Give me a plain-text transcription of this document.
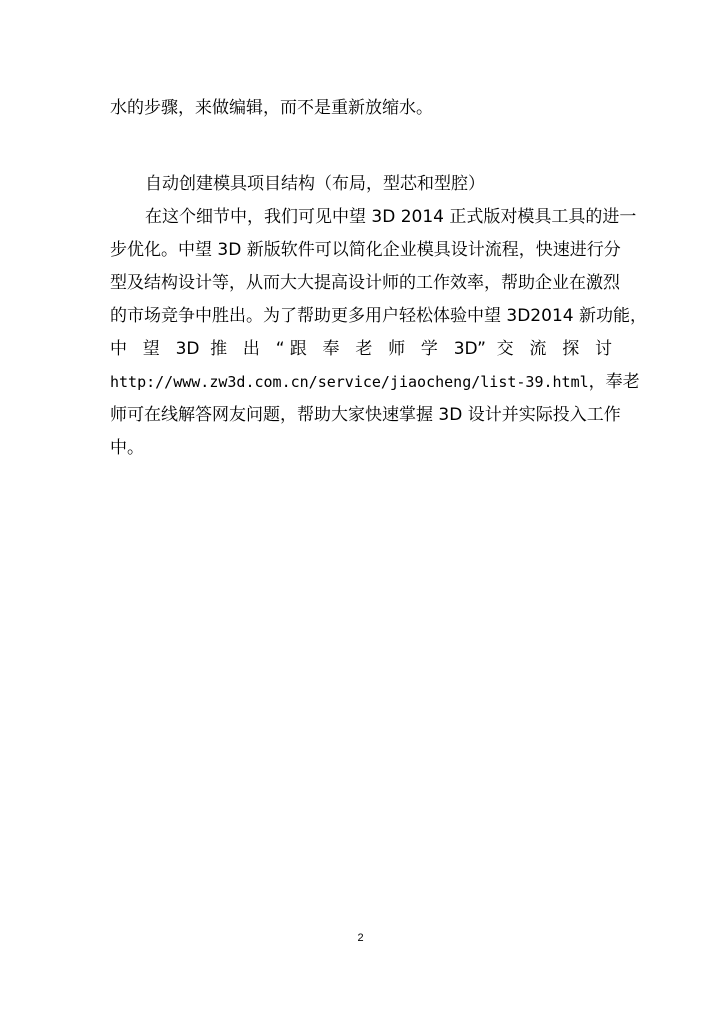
水的步骤，来做编辑，而不是重新放缩水。
自动创建模具项目结构（布局，型芯和型腔）
在这个细节中，我们可见中望 3D 2014 正式版对模具工具的进一
步优化。中望 3D 新版软件可以简化企业模具设计流程，快速进行分
型及结构设计等，从而大大提高设计师的工作效率，帮助企业在激烈
的市场竞争中胜出。为了帮助更多用户轻松体验中望 3D2014 新功能，
中 望 3D 推 出 “跟 奉 老 师 学 3D” 交 流 探 讨
http://www.zw3d.com.cn/service/jiaocheng/list-39.html，奉老
师可在线解答网友问题，帮助大家快速掌握 3D 设计并实际投入工作
中。
2
